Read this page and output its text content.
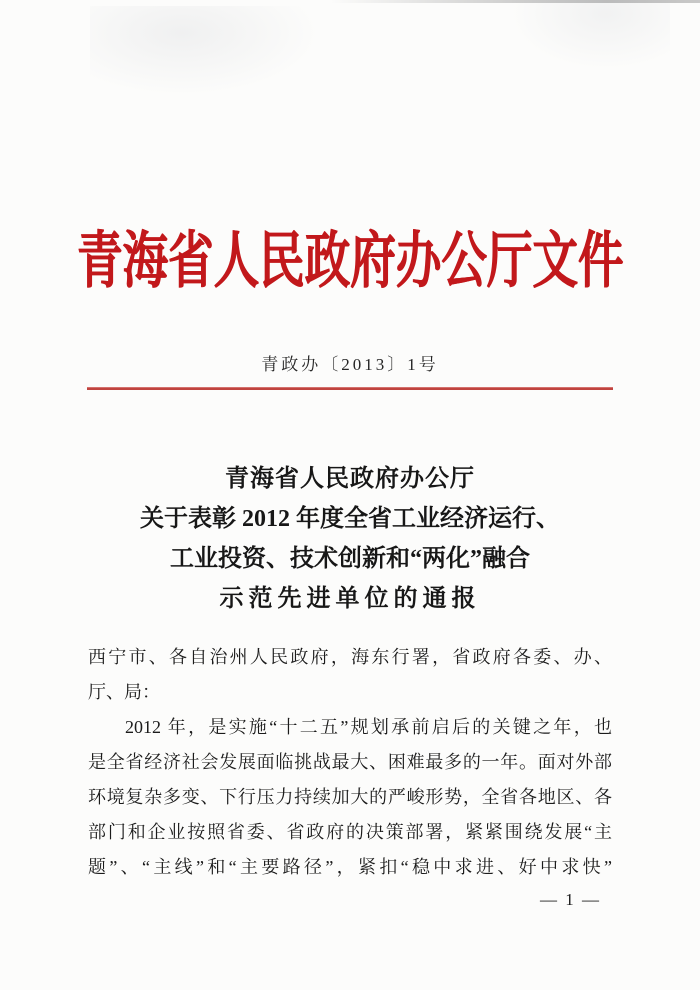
青海省人民政府办公厅文件
青政办〔2013〕1号
青海省人民政府办公厅
关于表彰 2012 年度全省工业经济运行、
工业投资、技术创新和“两化”融合
示范先进单位的通报
西宁市、各自治州人民政府，海东行署，省政府各委、办、
厅、局：
2012 年，是实施“十二五”规划承前启后的关键之年，也
是全省经济社会发展面临挑战最大、困难最多的一年。面对外部
环境复杂多变、下行压力持续加大的严峻形势，全省各地区、各
部门和企业按照省委、省政府的决策部署，紧紧围绕发展“主
题”、“主线”和“主要路径”，紧扣“稳中求进、好中求快”
— 1 —
